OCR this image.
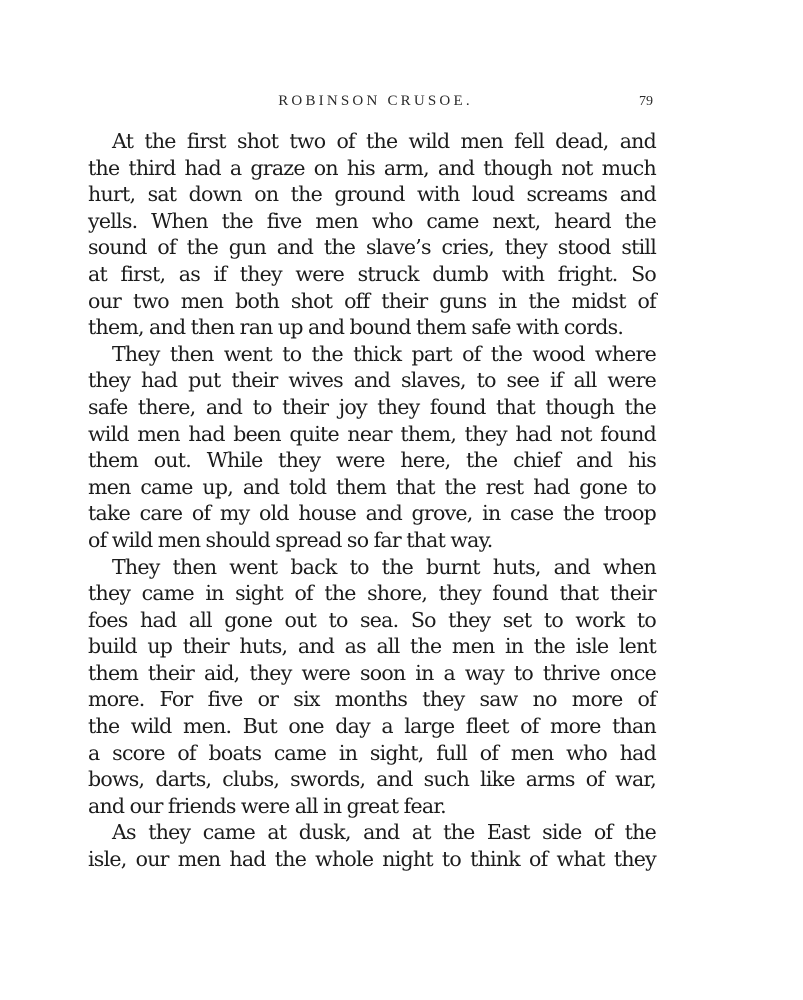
ROBINSON CRUSOE.	79
At the first shot two of the wild men fell dead, and
the third had a graze on his arm, and though not much
hurt, sat down on the ground with loud screams and
yells. When the five men who came next, heard the
sound of the gun and the slave’s cries, they stood still
at first, as if they were struck dumb with fright. So
our two men both shot off their guns in the midst of
them, and then ran up and bound them safe with cords.
They then went to the thick part of the wood where
they had put their wives and slaves, to see if all were
safe there, and to their joy they found that though the
wild men had been quite near them, they had not found
them out. While they were here, the chief and his
men came up, and told them that the rest had gone to
take care of my old house and grove, in case the troop
of wild men should spread so far that way.
They then went back to the burnt huts, and when
they came in sight of the shore, they found that their
foes had all gone out to sea. So they set to work to
build up their huts, and as all the men in the isle lent
them their aid, they were soon in a way to thrive once
more. For five or six months they saw no more of
the wild men. But one day a large fleet of more than
a score of boats came in sight, full of men who had
bows, darts, clubs, swords, and such like arms of war,
and our friends were all in great fear.
As they came at dusk, and at the East side of the
isle, our men had the whole night to think of what they
